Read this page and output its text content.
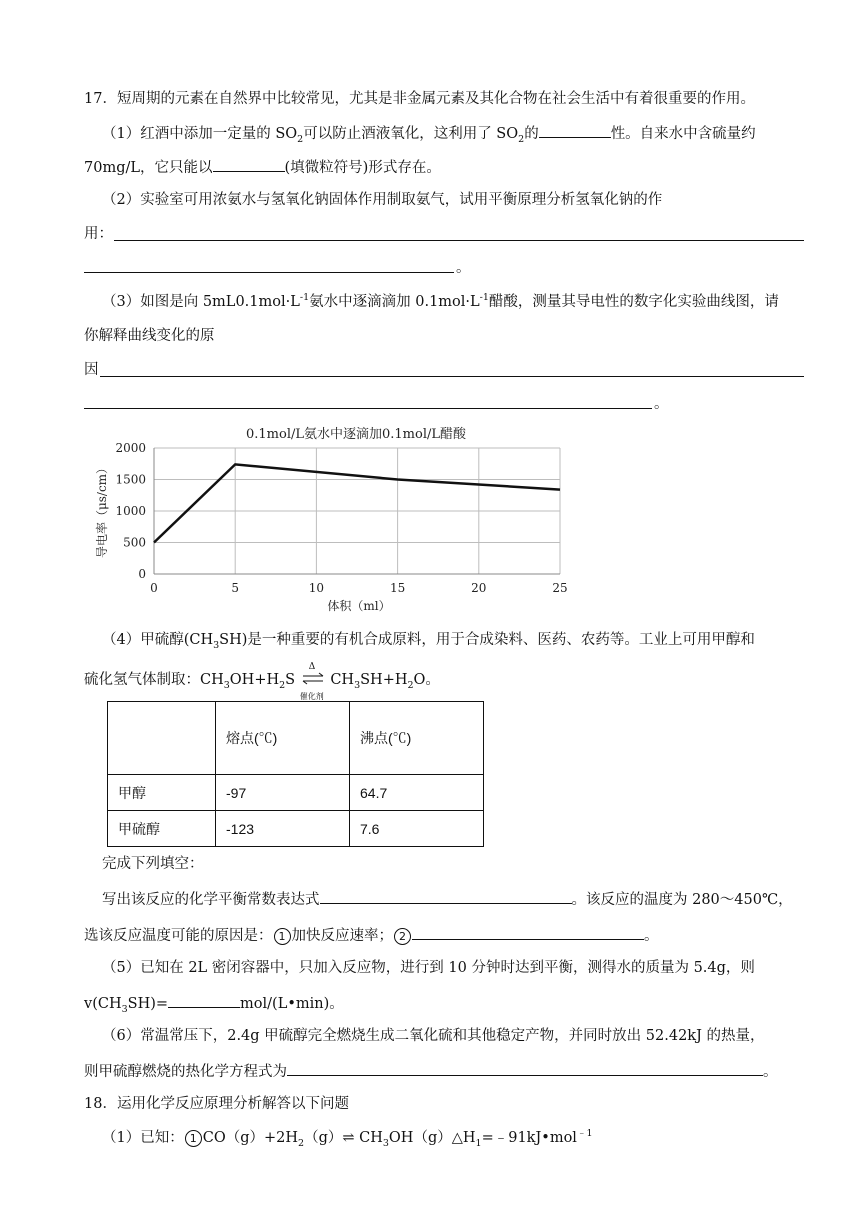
17．短周期的元素在自然界中比较常见，尤其是非金属元素及其化合物在社会生活中有着很重要的作用。
（1）红酒中添加一定量的 $SO_2$可以防止酒液氧化，这利用了 $SO_2$的	性。自来水中含硫量约
70mg/L，它只能以	(填微粒符号)形式存在。
（2）实验室可用浓氨水与氢氧化钠固体作用制取氨气，试用平衡原理分析氢氧化钠的作
用：
。
（3）如图是向 $5mL0.1mol\cdot L^{-1}$氨水中逐滴滴加 $0.1mol\cdot L^{-1}$醋酸，测量其导电性的数字化实验曲线图，请
你解释曲线变化的原
因
。
0
500
1000
1500
2000
0	5	10	15	20	25
0.1mol/L氨水中逐滴加0.1mol/L醋酸
体积（ml）
导电率（μs/cm）
（4）甲硫醇$(CH_3SH)$是一种重要的有机合成原料，用于合成染料、医药、农药等。工业上可用甲醇和
硫化氢气体制取：$CH_3OH+H_2S$
Δ
催化剂
$CH_3SH+H_2O$。
	熔点(℃)	沸点(℃)
甲醇	-97	64.7
甲硫醇	-123	7.6
完成下列填空：
写出该反应的化学平衡常数表达式	。该反应的温度为 280～450℃，
选该反应温度可能的原因是： 1 加快反应速率； 2	。
（5）已知在 2L 密闭容器中，只加入反应物，进行到 10 分钟时达到平衡，测得水的质量为 5.4g，则
$v(CH_3SH)=$	mol/(L•min)。
（6）常温常压下，2.4g 甲硫醇完全燃烧生成二氧化硫和其他稳定产物，并同时放出 52.42kJ 的热量，
则甲硫醇燃烧的热化学方程式为	。
18．运用化学反应原理分析解答以下问题
（1）已知： 1 $CO(g)+2H_2(g)\rightleftharpoons$ $CH_3OH(g)\triangle H_1=﹣91kJ•mol^{﹣1}$
